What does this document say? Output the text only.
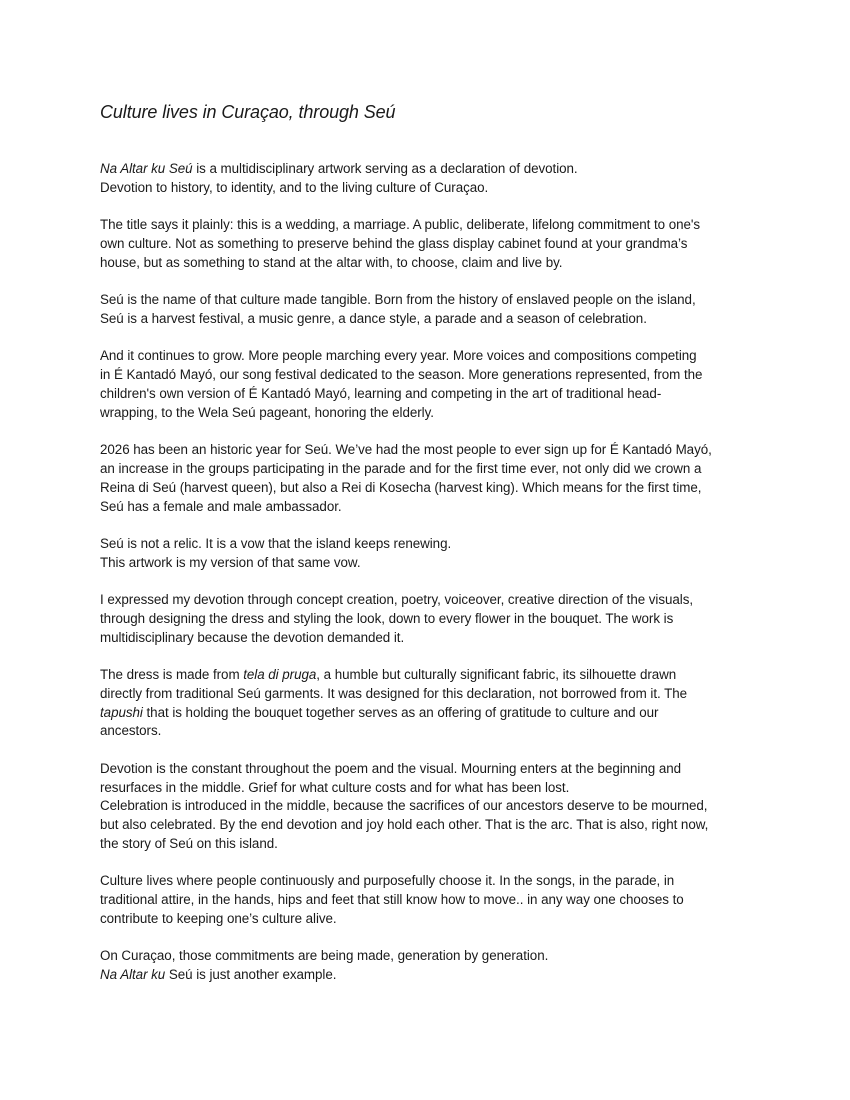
Culture lives in Curaçao, through Seú

Na Altar ku Seú is a multidisciplinary artwork serving as a declaration of devotion.
Devotion to history, to identity, and to the living culture of Curaçao.

The title says it plainly: this is a wedding, a marriage. A public, deliberate, lifelong commitment to one's
own culture. Not as something to preserve behind the glass display cabinet found at your grandma’s
house, but as something to stand at the altar with, to choose, claim and live by.

Seú is the name of that culture made tangible. Born from the history of enslaved people on the island,
Seú is a harvest festival, a music genre, a dance style, a parade and a season of celebration.

And it continues to grow. More people marching every year. More voices and compositions competing
in É Kantadó Mayó, our song festival dedicated to the season. More generations represented, from the
children's own version of É Kantadó Mayó, learning and competing in the art of traditional head-
wrapping, to the Wela Seú pageant, honoring the elderly.

2026 has been an historic year for Seú. We’ve had the most people to ever sign up for É Kantadó Mayó,
an increase in the groups participating in the parade and for the first time ever, not only did we crown a
Reina di Seú (harvest queen), but also a Rei di Kosecha (harvest king). Which means for the first time,
Seú has a female and male ambassador.

Seú is not a relic. It is a vow that the island keeps renewing.
This artwork is my version of that same vow.

I expressed my devotion through concept creation, poetry, voiceover, creative direction of the visuals,
through designing the dress and styling the look, down to every flower in the bouquet. The work is
multidisciplinary because the devotion demanded it.

The dress is made from tela di pruga, a humble but culturally significant fabric, its silhouette drawn
directly from traditional Seú garments. It was designed for this declaration, not borrowed from it. The
tapushi that is holding the bouquet together serves as an offering of gratitude to culture and our
ancestors.

Devotion is the constant throughout the poem and the visual. Mourning enters at the beginning and
resurfaces in the middle. Grief for what culture costs and for what has been lost.
Celebration is introduced in the middle, because the sacrifices of our ancestors deserve to be mourned,
but also celebrated. By the end devotion and joy hold each other. That is the arc. That is also, right now,
the story of Seú on this island.

Culture lives where people continuously and purposefully choose it. In the songs, in the parade, in
traditional attire, in the hands, hips and feet that still know how to move.. in any way one chooses to
contribute to keeping one’s culture alive.

On Curaçao, those commitments are being made, generation by generation.
Na Altar ku Seú is just another example.
